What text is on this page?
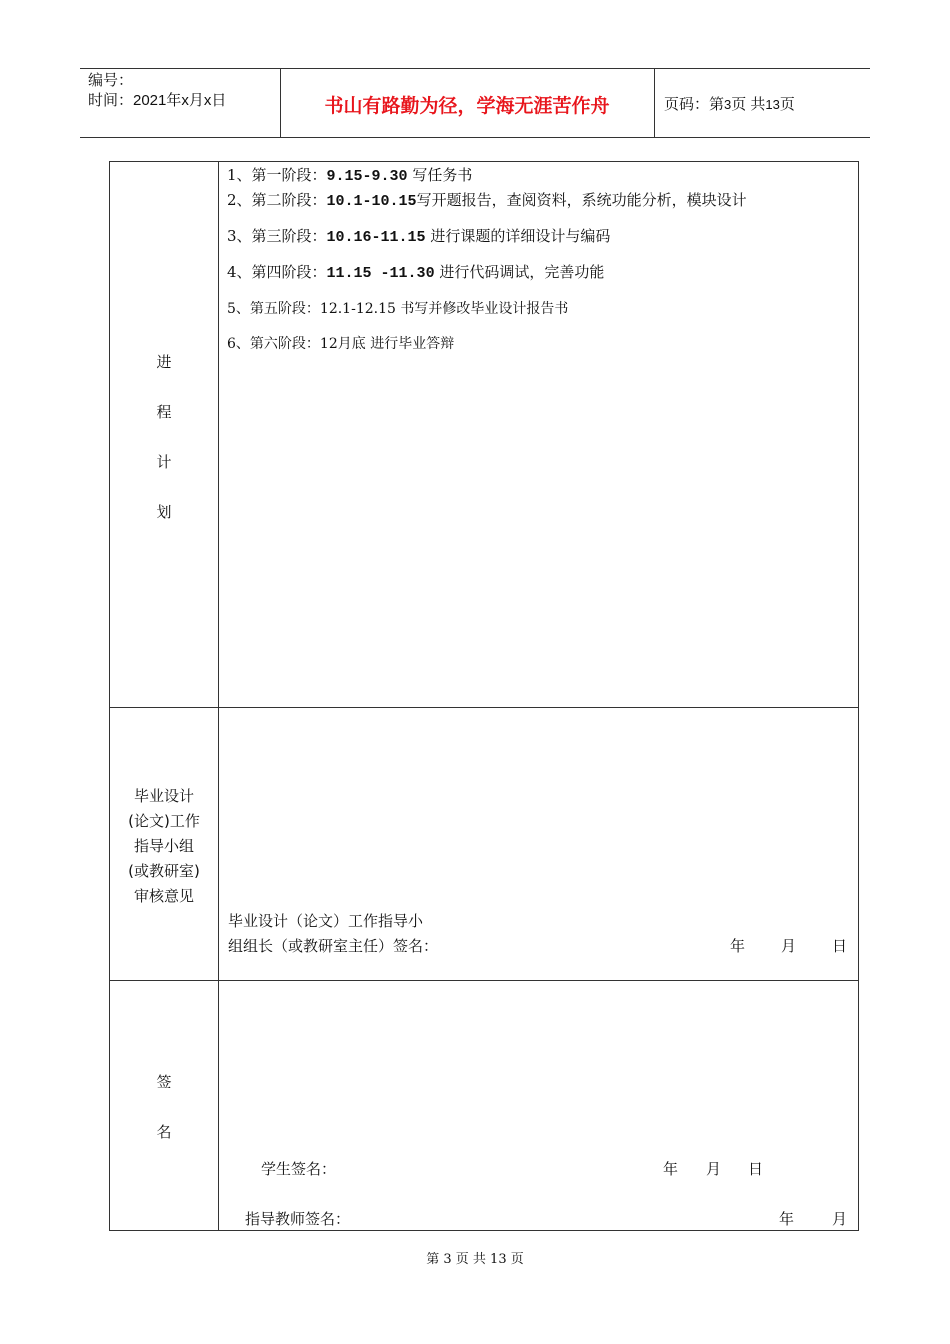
编号：
时间：2021年x月x日	书山有路勤为径，学海无涯苦作舟	页码：第3页 共13页
进
程
计
划
1、第一阶段：9.15-9.30 写任务书
2、第二阶段：10.1-10.15写开题报告，查阅资料，系统功能分析，模块设计
3、第三阶段：10.16-11.15 进行课题的详细设计与编码
4、第四阶段：11.15 -11.30 进行代码调试，完善功能
5、第五阶段：12.1-12.15 书写并修改毕业设计报告书
6、第六阶段：12月底 进行毕业答辩
毕业设计
(论文)工作
指导小组
(或教研室)
审核意见
毕业设计（论文）工作指导小
组组长（或教研室主任）签名：	年 月 日
签
名
学生签名：	年 月 日
指导教师签名：	年	月
第 3 页 共 13 页
